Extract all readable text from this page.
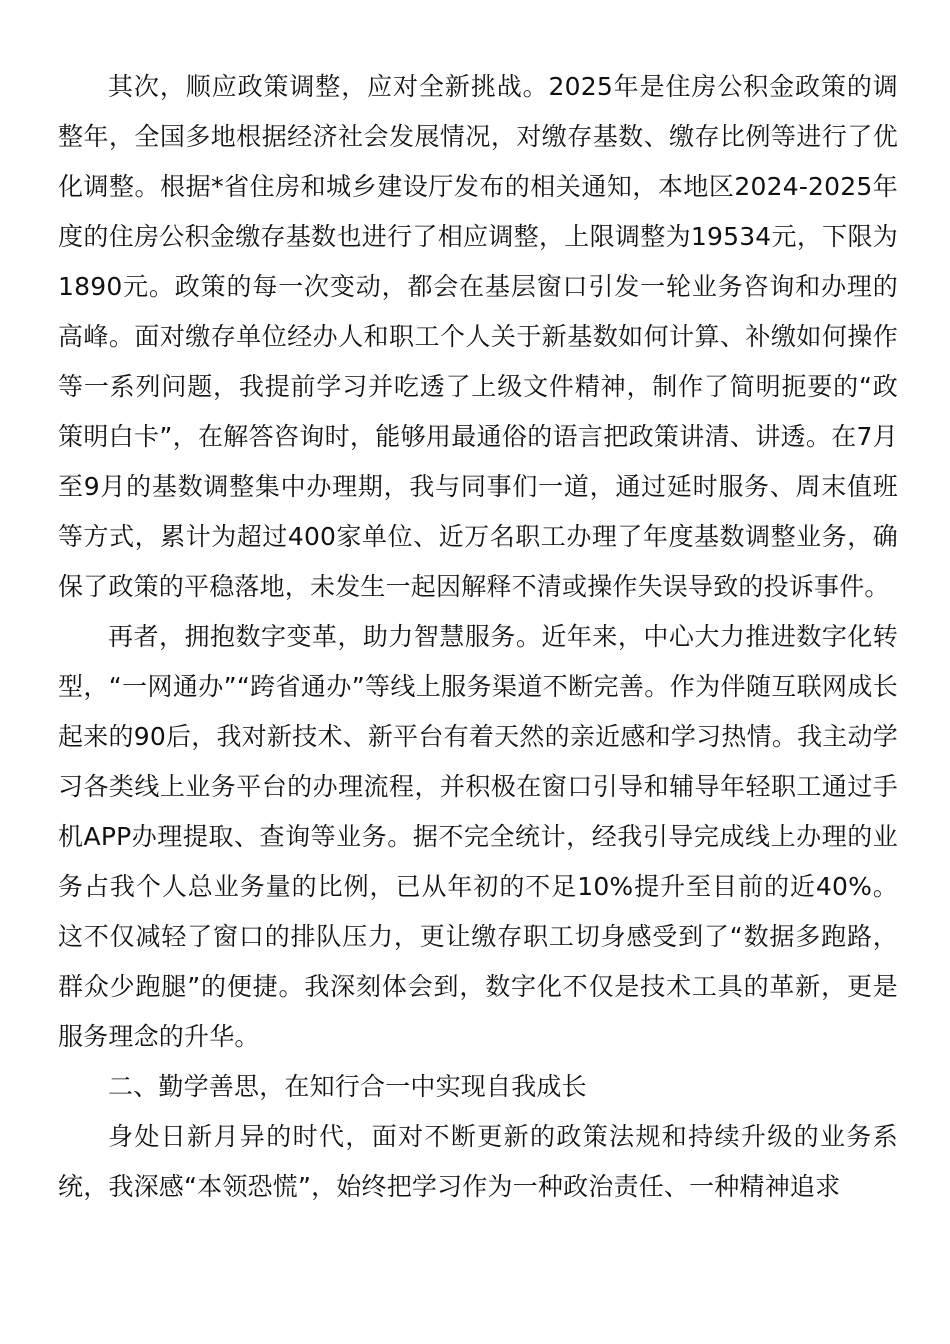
其次，顺应政策调整，应对全新挑战。2025年是住房公积金政策的调整年，全国多地根据经济社会发展情况，对缴存基数、缴存比例等进行了优化调整。根据*省住房和城乡建设厅发布的相关通知，本地区2024-2025年度的住房公积金缴存基数也进行了相应调整，上限调整为19534元，下限为1890元。政策的每一次变动，都会在基层窗口引发一轮业务咨询和办理的高峰。面对缴存单位经办人和职工个人关于新基数如何计算、补缴如何操作等一系列问题，我提前学习并吃透了上级文件精神，制作了简明扼要的“政策明白卡”，在解答咨询时，能够用最通俗的语言把政策讲清、讲透。在7月至9月的基数调整集中办理期，我与同事们一道，通过延时服务、周末值班等方式，累计为超过400家单位、近万名职工办理了年度基数调整业务，确保了政策的平稳落地，未发生一起因解释不清或操作失误导致的投诉事件。

再者，拥抱数字变革，助力智慧服务。近年来，中心大力推进数字化转型，“一网通办”“跨省通办”等线上服务渠道不断完善。作为伴随互联网成长起来的90后，我对新技术、新平台有着天然的亲近感和学习热情。我主动学习各类线上业务平台的办理流程，并积极在窗口引导和辅导年轻职工通过手机APP办理提取、查询等业务。据不完全统计，经我引导完成线上办理的业务占我个人总业务量的比例，已从年初的不足10%提升至目前的近40%。这不仅减轻了窗口的排队压力，更让缴存职工切身感受到了“数据多跑路，群众少跑腿”的便捷。我深刻体会到，数字化不仅是技术工具的革新，更是服务理念的升华。

二、勤学善思，在知行合一中实现自我成长

身处日新月异的时代，面对不断更新的政策法规和持续升级的业务系统，我深感“本领恐慌”，始终把学习作为一种政治责任、一种精神追求
